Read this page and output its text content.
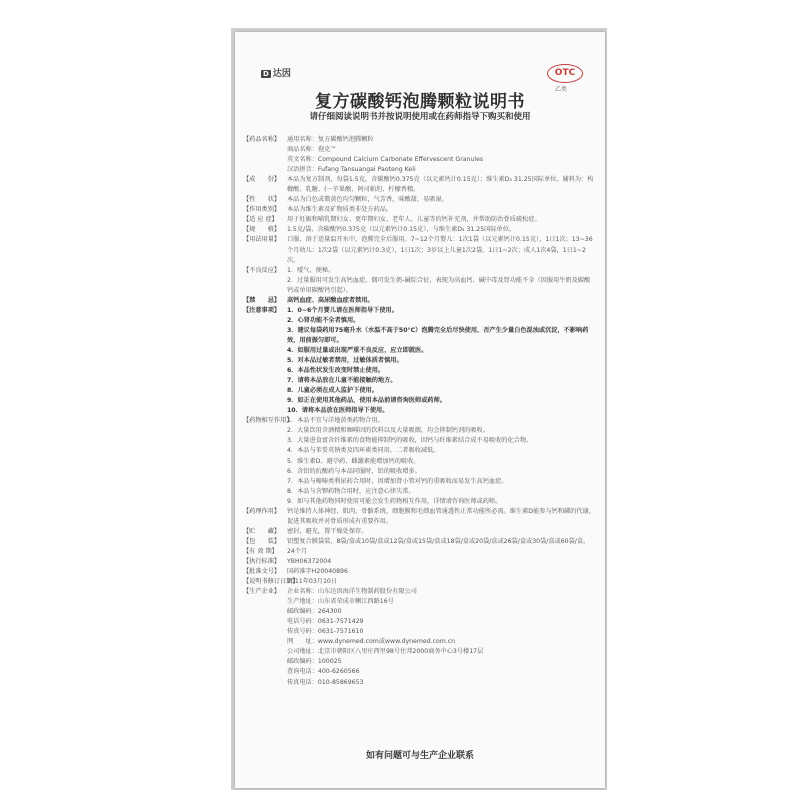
D 达因	OTC
乙类
复方碳酸钙泡腾颗粒说明书
请仔细阅读说明书并按说明使用或在药师指导下购买和使用
【药品名称】	通用名称：复方碳酸钙泡腾颗粒
商品名称：孢克™
英文名称：Compound Calcium Carbonate Effervescent Granules
汉语拼音：Fufang Tansuangai Paoteng Keli
【成　　份】	本品为复方制剂，每袋1.5克，含碳酸钙0.375克（以元素钙计0.15克）；维生素D₃ 31.25国际单位。辅料为：构橼酸、乳糖、(一苹果酸、阿司帕坦、柠檬香精。
【性　　状】	本品为白色或微黄色均匀颗粒，气芳香，味酸甜，易吸湿。
【作用类别】	本品为维生素及矿物质类非处方药品。
【适 应 症】	用于妊娠和哺乳期妇女、更年期妇女、老年人、儿童等的钙补充剂，并帮助防治骨质疏松症。
【规　　格】	1.5克/袋，含碳酸钙0.375克（以元素钙计0.15克），与维生素D₃ 31.25国际单位。
【用法用量】	口服，溶于适量温开水中，泡腾完全后服用。7~12个月婴儿：1次1袋（以元素钙计0.15克），1日1次；13~36个月幼儿：1次2袋（以元素钙计0.3克），1日1次；3岁以上儿童1次2袋，1日1~2次；成人1次4袋，1日1~2次。
【不良反应】	1．嗳气、便秘。
2．过量服用可发生高钙血症，偶可发生奶-碱综合征，表现为高血钙、碱中毒及肾功能不全（因服用牛奶及碳酸钙或单用碳酸钙引起）。
【禁　　忌】	高钙血症、高尿酸血症者禁用。
【注意事项】	1．0~6个月婴儿请在医师指导下使用。
2．心肾功能不全者慎用。
3．建议每袋药用75毫升水（水温不高于50°C）泡腾完全后尽快使用，否产生少量白色混浊或沉淀，不影响药效，用前振匀即可。
4．如服用过量或出现严重不良反应，应立即就医。
5．对本品过敏者禁用，过敏体质者慎用。
6．本品性状发生改变时禁止使用。
7．请将本品放在儿童不能接触的地方。
8．儿童必须在成人监护下使用。
9．如正在使用其他药品，使用本品前请咨询医师或药师。
10．请将本品放在医师指导下使用。
【药物相互作用】
1．本品不宜与洋地黄类药物合用。
2．大量饮用含酒精和咖啡因的饮料以及大量吸烟，均会抑制钙剂的吸收。
3．大量进食富含纤维素的食物能抑制钙的吸收，因钙与纤维素结合成不易吸收的化合物。
4．本品与苯妥英钠类及四环素类同用，二者吸收减低。
5．维生素D、避孕药、雌激素能增加钙的吸收。
6．含铝的抗酸药与本品同服时，铝的吸收增多。
7．本品与噻嗪类利尿药合用时，因增加肾小管对钙的重吸收而易发生高钙血症。
8．本品与含钾药物合用时，应注意心律失常。
9．如与其他药物同时使用可能会发生药物相互作用，详情请咨询医师或药师。
【药理作用】	钙是维持人体神经、肌肉、骨骼系统、细胞膜和毛细血管通透性正常功能所必需。维生素D能参与钙和磷的代谢，促进其吸收并对骨质形成有重要作用。
【贮　　藏】	密封，避光，置干燥处保存。
【包　　装】	铝塑复合膜袋装，8袋/盒或10袋/盒或12袋/盒或15袋/盒或18袋/盒或20袋/盒或26袋/盒或30袋/盒或60袋/盒。
【有 效 期】	24个月
【执行标准】	YBH06372004
【批准文号】	国药准字H20040896
【说明书修订日期】
2011年03月10日
【生产企业】	企业名称：山东达因海洋生物制药股份有限公司
生产地址：山东省荣成市蜊江西路16号
邮政编码：264300
电话号码：0631-7571429
传真号码：0631-7571610
网　　址：www.dynemed.com或www.dynemed.com.cn
公司地址：北京市朝阳区八里庄西里98号住邦2000商务中心3号楼17层
邮政编码：100025
查询电话：400-6260566
传真电话：010-85869653
如有问题可与生产企业联系
